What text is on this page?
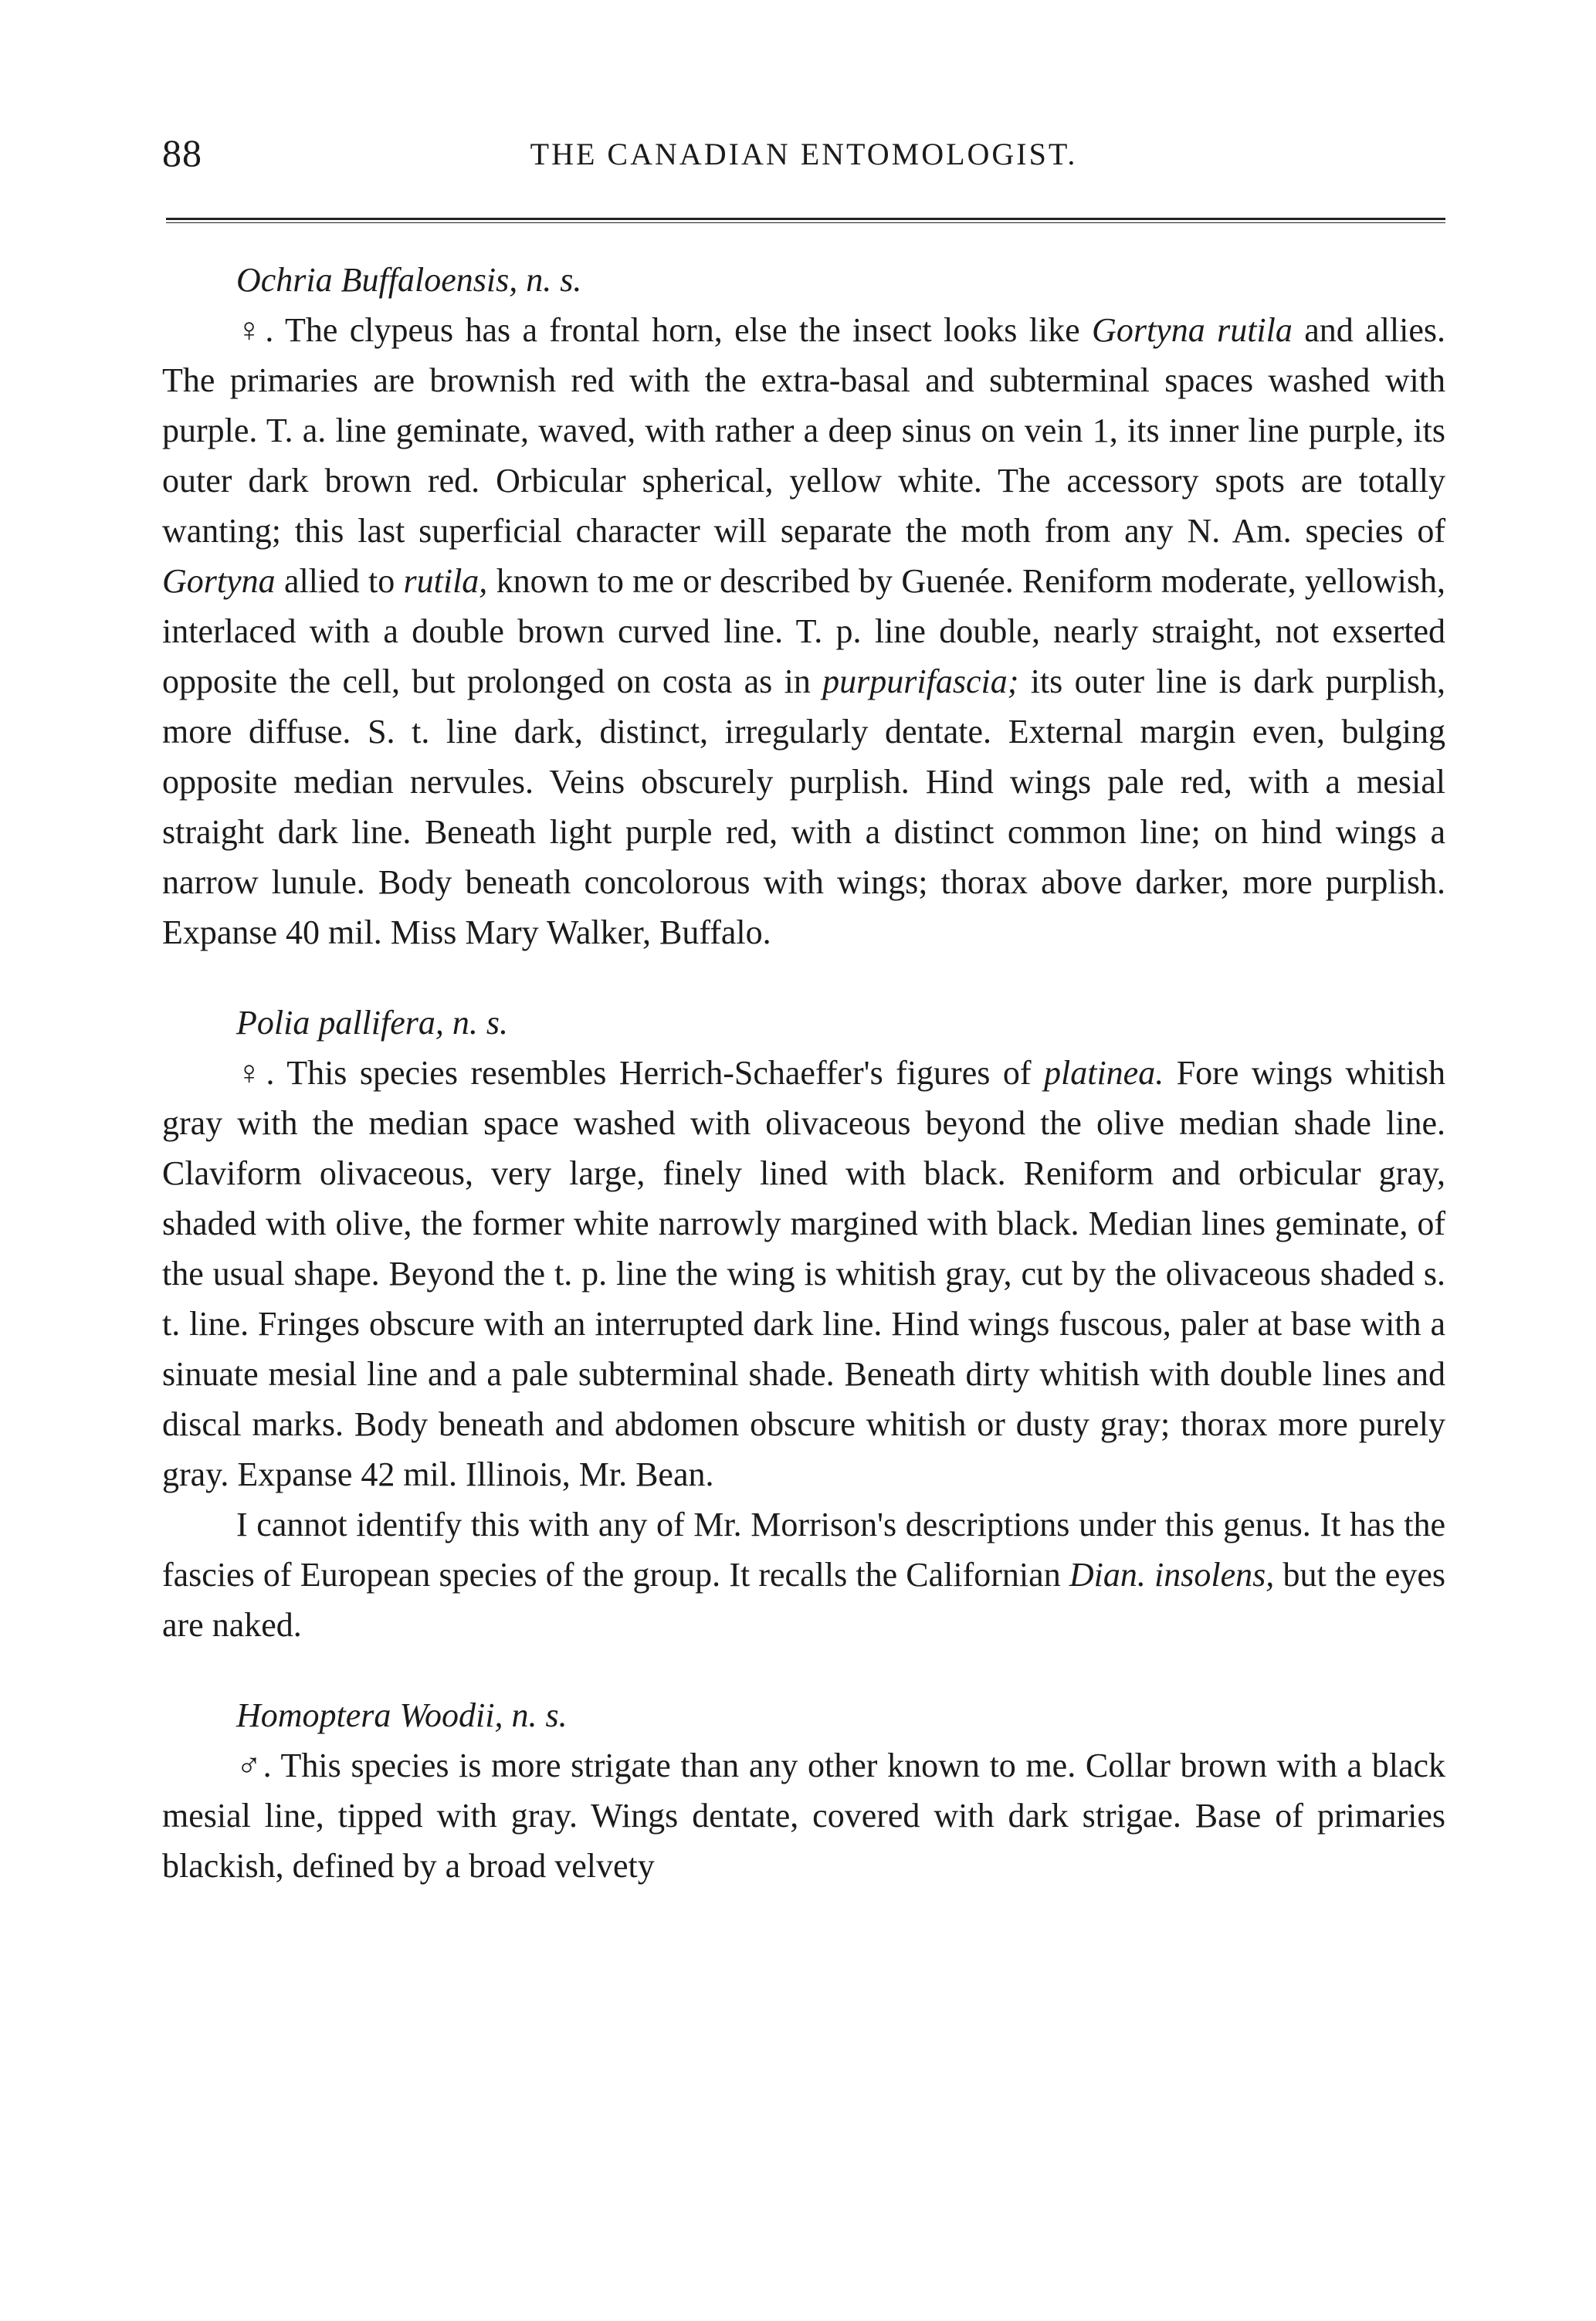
88	THE CANADIAN ENTOMOLOGIST.
Ochria Buffaloensis, n. s.

♀. The clypeus has a frontal horn, else the insect looks like Gortyna rutila and allies. The primaries are brownish red with the extra-basal and subterminal spaces washed with purple. T. a. line geminate, waved, with rather a deep sinus on vein 1, its inner line purple, its outer dark brown red. Orbicular spherical, yellow white. The accessory spots are totally wanting; this last superficial character will separate the moth from any N. Am. species of Gortyna allied to rutila, known to me or described by Guenée. Reniform moderate, yellowish, interlaced with a double brown curved line. T. p. line double, nearly straight, not exserted opposite the cell, but prolonged on costa as in purpurifascia; its outer line is dark purplish, more diffuse. S. t. line dark, distinct, irregularly dentate. External margin even, bulging opposite median nervules. Veins obscurely purplish. Hind wings pale red, with a mesial straight dark line. Beneath light purple red, with a distinct common line; on hind wings a narrow lunule. Body beneath concolorous with wings; thorax above darker, more purplish. Expanse 40 mil. Miss Mary Walker, Buffalo.

Polia pallifera, n. s.

♀. This species resembles Herrich-Schaeffer's figures of platinea. Fore wings whitish gray with the median space washed with olivaceous beyond the olive median shade line. Claviform olivaceous, very large, finely lined with black. Reniform and orbicular gray, shaded with olive, the former white narrowly margined with black. Median lines geminate, of the usual shape. Beyond the t. p. line the wing is whitish gray, cut by the olivaceous shaded s. t. line. Fringes obscure with an interrupted dark line. Hind wings fuscous, paler at base with a sinuate mesial line and a pale subterminal shade. Beneath dirty whitish with double lines and discal marks. Body beneath and abdomen obscure whitish or dusty gray; thorax more purely gray. Expanse 42 mil. Illinois, Mr. Bean.

I cannot identify this with any of Mr. Morrison's descriptions under this genus. It has the fascies of European species of the group. It recalls the Californian Dian. insolens, but the eyes are naked.

Homoptera Woodii, n. s.

♂. This species is more strigate than any other known to me. Collar brown with a black mesial line, tipped with gray. Wings dentate, covered with dark strigae. Base of primaries blackish, defined by a broad velvety
